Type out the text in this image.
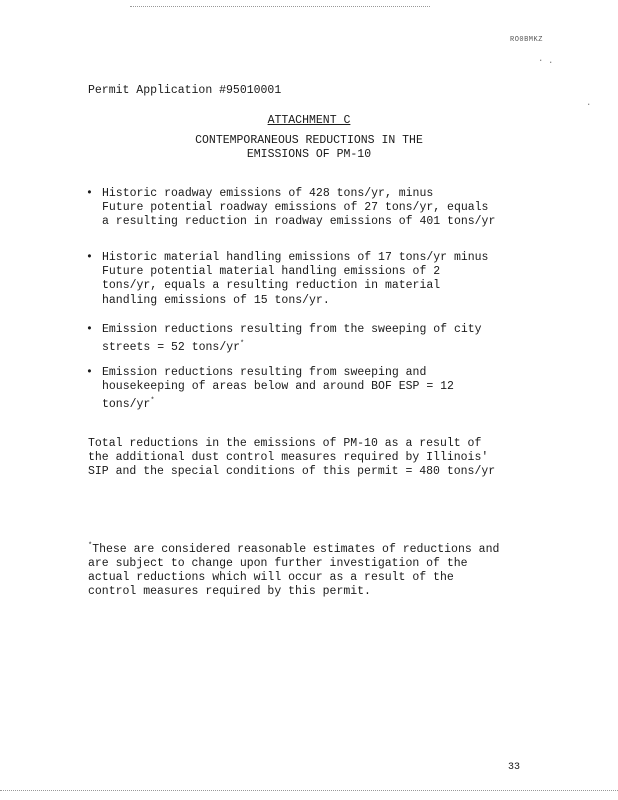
RO0BMKZ
· ·
·
Permit Application #95010001
ATTACHMENT C
CONTEMPORANEOUS REDUCTIONS IN THE
EMISSIONS OF PM-10
• Historic roadway emissions of 428 tons/yr, minus
Future potential roadway emissions of 27 tons/yr, equals
a resulting reduction in roadway emissions of 401 tons/yr
• Historic material handling emissions of 17 tons/yr minus
Future potential material handling emissions of 2
tons/yr, equals a resulting reduction in material
handling emissions of 15 tons/yr.
• Emission reductions resulting from the sweeping of city
streets = 52 tons/yr*
• Emission reductions resulting from sweeping and
housekeeping of areas below and around BOF ESP = 12
tons/yr*
Total reductions in the emissions of PM-10 as a result of
the additional dust control measures required by Illinois'
SIP and the special conditions of this permit = 480 tons/yr
*These are considered reasonable estimates of reductions and
are subject to change upon further investigation of the
actual reductions which will occur as a result of the
control measures required by this permit.
33
